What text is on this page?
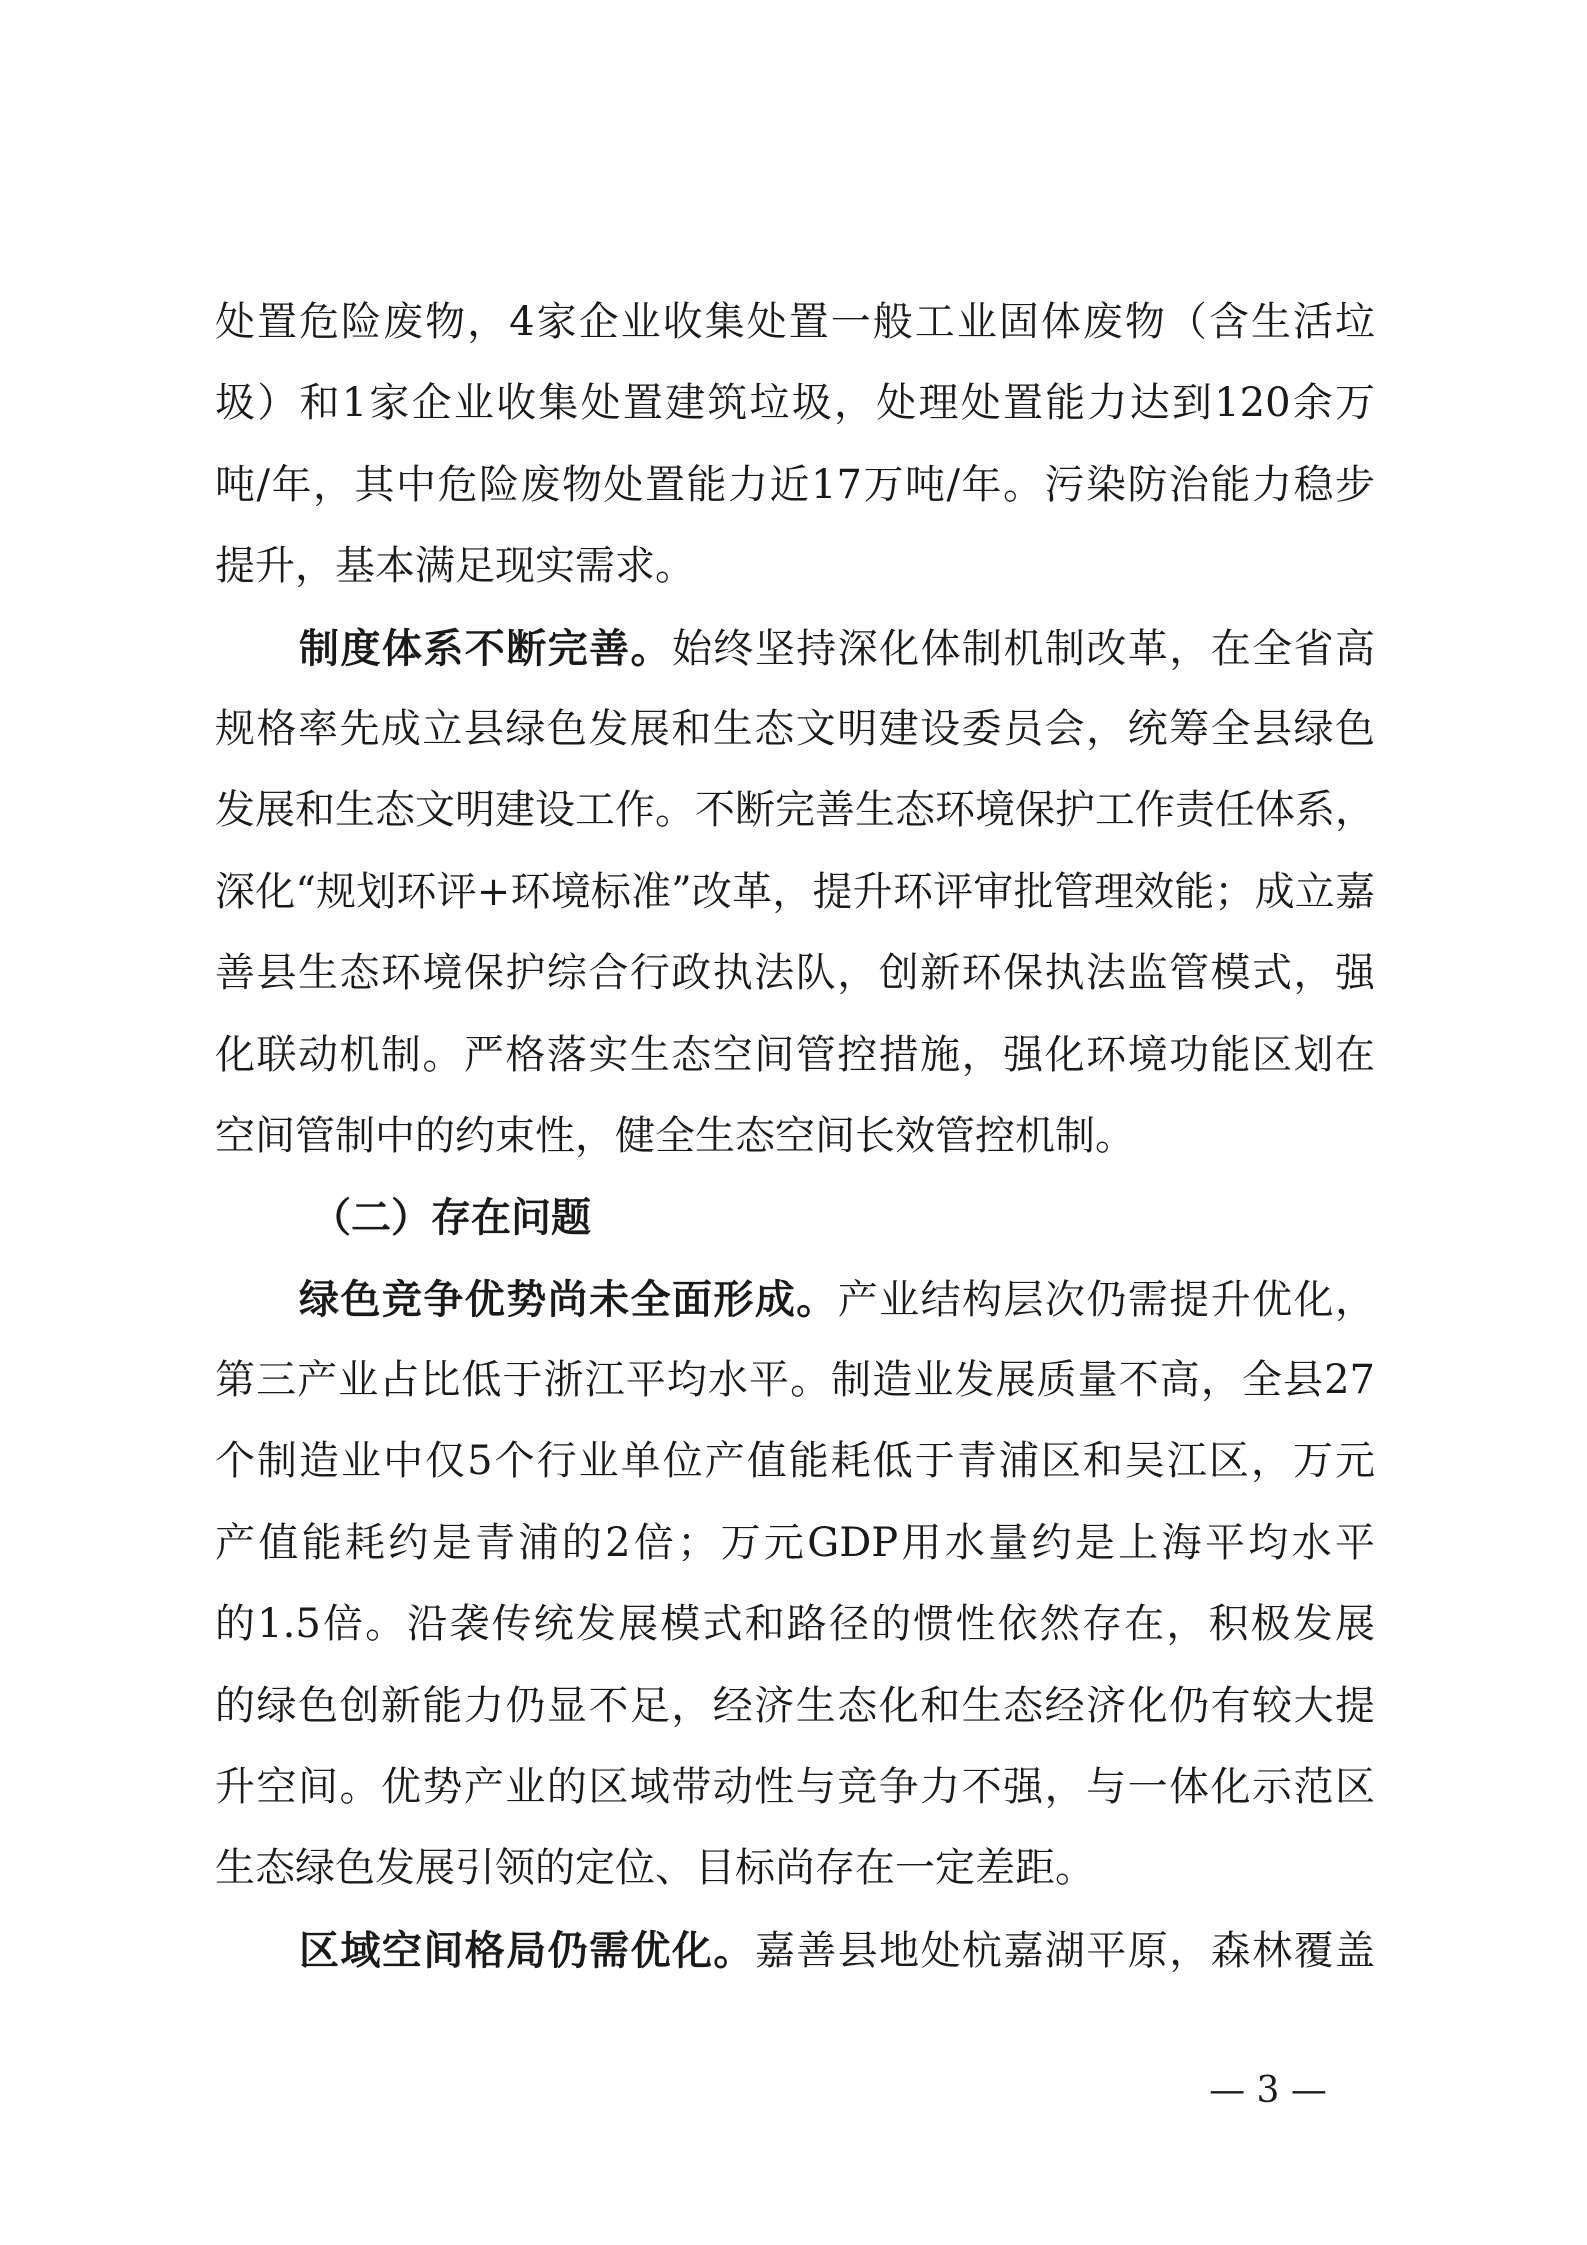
处置危险废物，4家企业收集处置一般工业固体废物（含生活垃
圾）和1家企业收集处置建筑垃圾，处理处置能力达到120余万
吨/年，其中危险废物处置能力近17万吨/年。污染防治能力稳步
提升，基本满足现实需求。
制度体系不断完善。始终坚持深化体制机制改革，在全省高
规格率先成立县绿色发展和生态文明建设委员会，统筹全县绿色
发展和生态文明建设工作。不断完善生态环境保护工作责任体系，
深化“规划环评+环境标准”改革，提升环评审批管理效能；成立嘉
善县生态环境保护综合行政执法队，创新环保执法监管模式，强
化联动机制。严格落实生态空间管控措施，强化环境功能区划在
空间管制中的约束性，健全生态空间长效管控机制。
（二）存在问题
绿色竞争优势尚未全面形成。产业结构层次仍需提升优化，
第三产业占比低于浙江平均水平。制造业发展质量不高，全县27
个制造业中仅5个行业单位产值能耗低于青浦区和吴江区，万元
产值能耗约是青浦的2倍；万元GDP用水量约是上海平均水平
的1.5倍。沿袭传统发展模式和路径的惯性依然存在，积极发展
的绿色创新能力仍显不足，经济生态化和生态经济化仍有较大提
升空间。优势产业的区域带动性与竞争力不强，与一体化示范区
生态绿色发展引领的定位、目标尚存在一定差距。
区域空间格局仍需优化。嘉善县地处杭嘉湖平原，森林覆盖
— 3 —
